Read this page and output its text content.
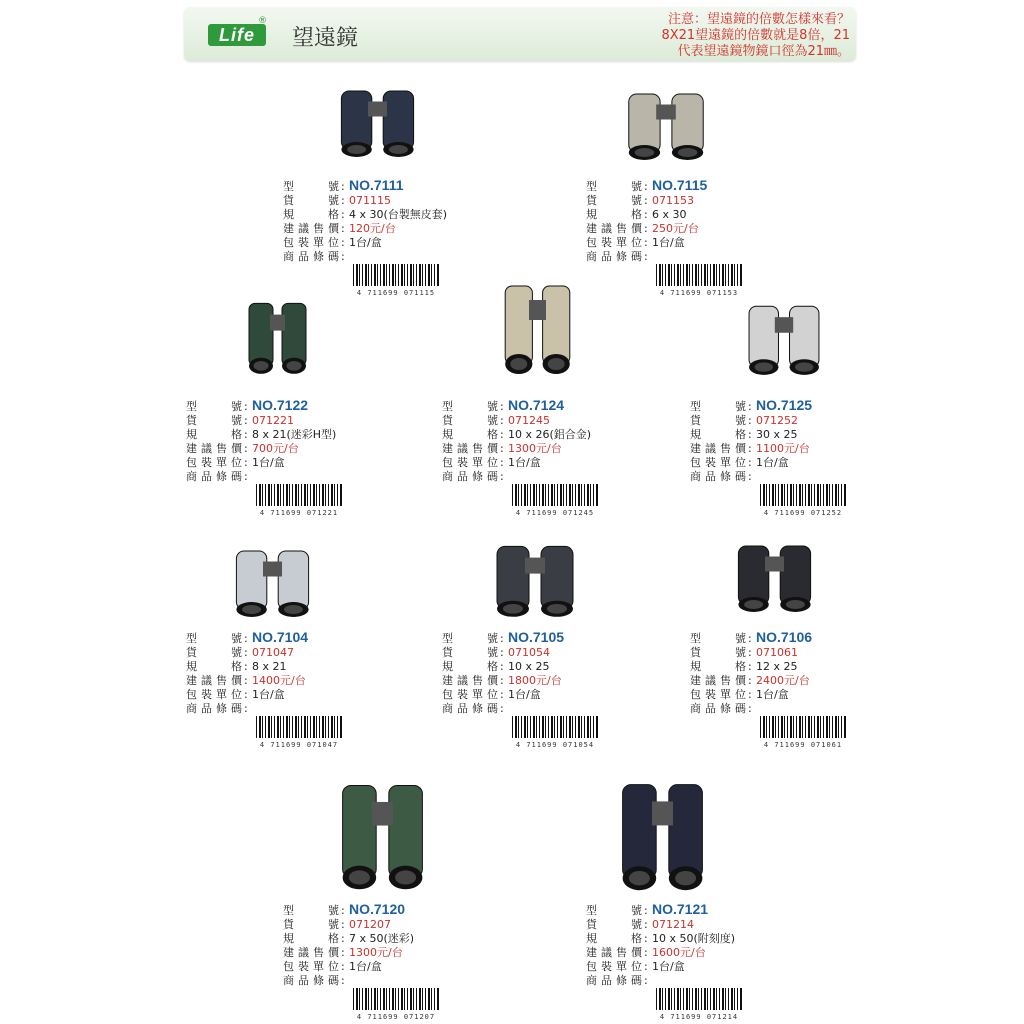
Life
®
望遠鏡
注意：望遠鏡的倍數怎樣來看？
8X21望遠鏡的倍數就是8倍，21
代表望遠鏡物鏡口徑為21㎜。
型　　號 : NO.7111
貨　　號 : 071115
規　　格 : 4 x 30(台製無皮套)
建議售價 : 120元/台
包裝單位 : 1台/盒
商品條碼 :
4 711699 071115
型　　號 : NO.7115
貨　　號 : 071153
規　　格 : 6 x 30
建議售價 : 250元/台
包裝單位 : 1台/盒
商品條碼 :
4 711699 071153
型　　號 : NO.7122
貨　　號 : 071221
規　　格 : 8 x 21(迷彩H型)
建議售價 : 700元/台
包裝單位 : 1台/盒
商品條碼 :
4 711699 071221
型　　號 : NO.7124
貨　　號 : 071245
規　　格 : 10 x 26(鋁合金)
建議售價 : 1300元/台
包裝單位 : 1台/盒
商品條碼 :
4 711699 071245
型　　號 : NO.7125
貨　　號 : 071252
規　　格 : 30 x 25
建議售價 : 1100元/台
包裝單位 : 1台/盒
商品條碼 :
4 711699 071252
型　　號 : NO.7104
貨　　號 : 071047
規　　格 : 8 x 21
建議售價 : 1400元/台
包裝單位 : 1台/盒
商品條碼 :
4 711699 071047
型　　號 : NO.7105
貨　　號 : 071054
規　　格 : 10 x 25
建議售價 : 1800元/台
包裝單位 : 1台/盒
商品條碼 :
4 711699 071054
型　　號 : NO.7106
貨　　號 : 071061
規　　格 : 12 x 25
建議售價 : 2400元/台
包裝單位 : 1台/盒
商品條碼 :
4 711699 071061
型　　號 : NO.7120
貨　　號 : 071207
規　　格 : 7 x 50(迷彩)
建議售價 : 1300元/台
包裝單位 : 1台/盒
商品條碼 :
4 711699 071207
型　　號 : NO.7121
貨　　號 : 071214
規　　格 : 10 x 50(附刻度)
建議售價 : 1600元/台
包裝單位 : 1台/盒
商品條碼 :
4 711699 071214
